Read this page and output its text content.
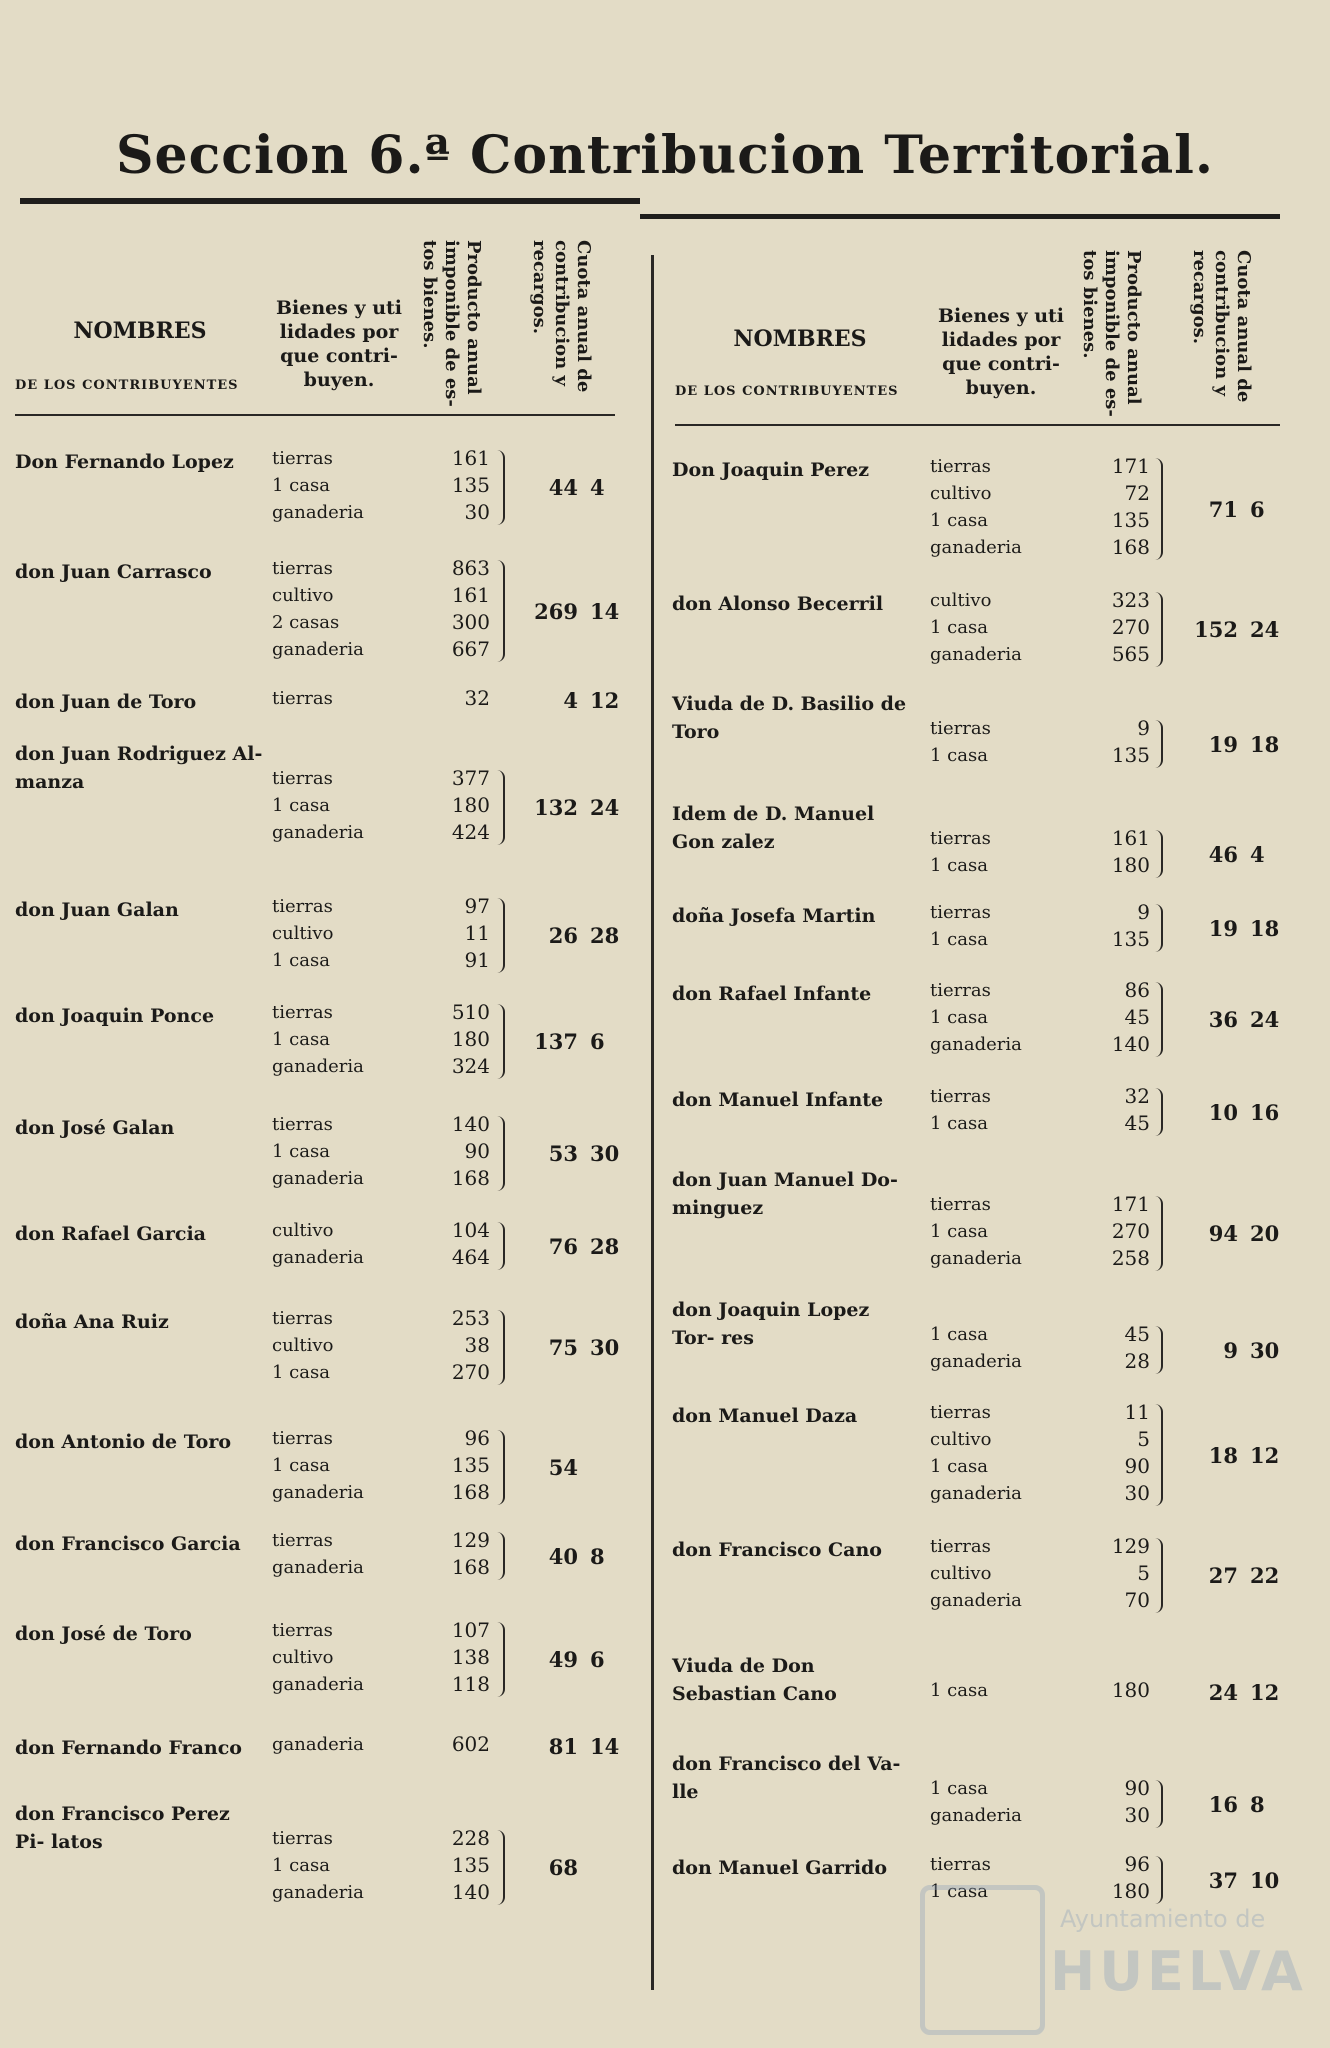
Seccion 6.ª Contribucion Territorial.
NOMBRES
DE LOS CONTRIBUYENTES
Bienes y uti lidades por que contri- buyen.	Producto anual imponible de es- tos bienes.	Cuota anual de contribucion y recargos.
NOMBRES
DE LOS CONTRIBUYENTES
Bienes y uti lidades por que contri- buyen.	Producto anual imponible de es- tos bienes.	Cuota anual de contribucion y recargos.
Don Fernando Lopez	tierras	161
1 casa	135
ganaderia	30
44 4
don Juan Carrasco	tierras	863
cultivo	161
2 casas	300
ganaderia	667
269 14
don Juan de Toro	tierras	32	4 12
don Juan Rodriguez Al- manza	tierras	377
1 casa	180
ganaderia	424
132 24
don Juan Galan	tierras	97
cultivo	11
1 casa	91
26 28
don Joaquin Ponce	tierras	510
1 casa	180
ganaderia	324
137 6
don José Galan	tierras	140
1 casa	90
ganaderia	168
53 30
don Rafael Garcia	cultivo	104
ganaderia	464	76 28
doña Ana Ruiz	tierras	253
cultivo	38
1 casa	270
75 30
don Antonio de Toro	tierras	96
1 casa	135
ganaderia	168
54
don Francisco Garcia	tierras	129
ganaderia	168	40 8
don José de Toro	tierras	107
cultivo	138
ganaderia	118
49 6
don Fernando Franco	ganaderia	602	81 14
don Francisco Perez Pi- latos	tierras	228
1 casa	135
ganaderia	140
68
Don Joaquin Perez	tierras	171
cultivo	72
1 casa	135
ganaderia	168
71 6
don Alonso Becerril	cultivo	323
1 casa	270
ganaderia	565
152 24
Viuda de D. Basilio de Toro	tierras	9
1 casa	135	19 18
Idem de D. Manuel Gon zalez	tierras	161
1 casa	180	46 4
doña Josefa Martin	tierras	9
1 casa	135	19 18
don Rafael Infante	tierras	86
1 casa	45
ganaderia	140
36 24
don Manuel Infante	tierras	32
1 casa	45	10 16
don Juan Manuel Do- minguez	tierras	171
1 casa	270
ganaderia	258
94 20
don Joaquin Lopez Tor- res	1 casa	45
ganaderia	28	9 30
don Manuel Daza	tierras	11
cultivo	5
1 casa	90
ganaderia	30
18 12
don Francisco Cano	tierras	129
cultivo	5
ganaderia	70
27 22
Viuda de Don Sebastian Cano	1 casa	180	24 12
don Francisco del Va- lle	1 casa	90
ganaderia	30	16 8
don Manuel Garrido	tierras	96
1 casa	180	37 10
Ayuntamiento de
HUELVA
